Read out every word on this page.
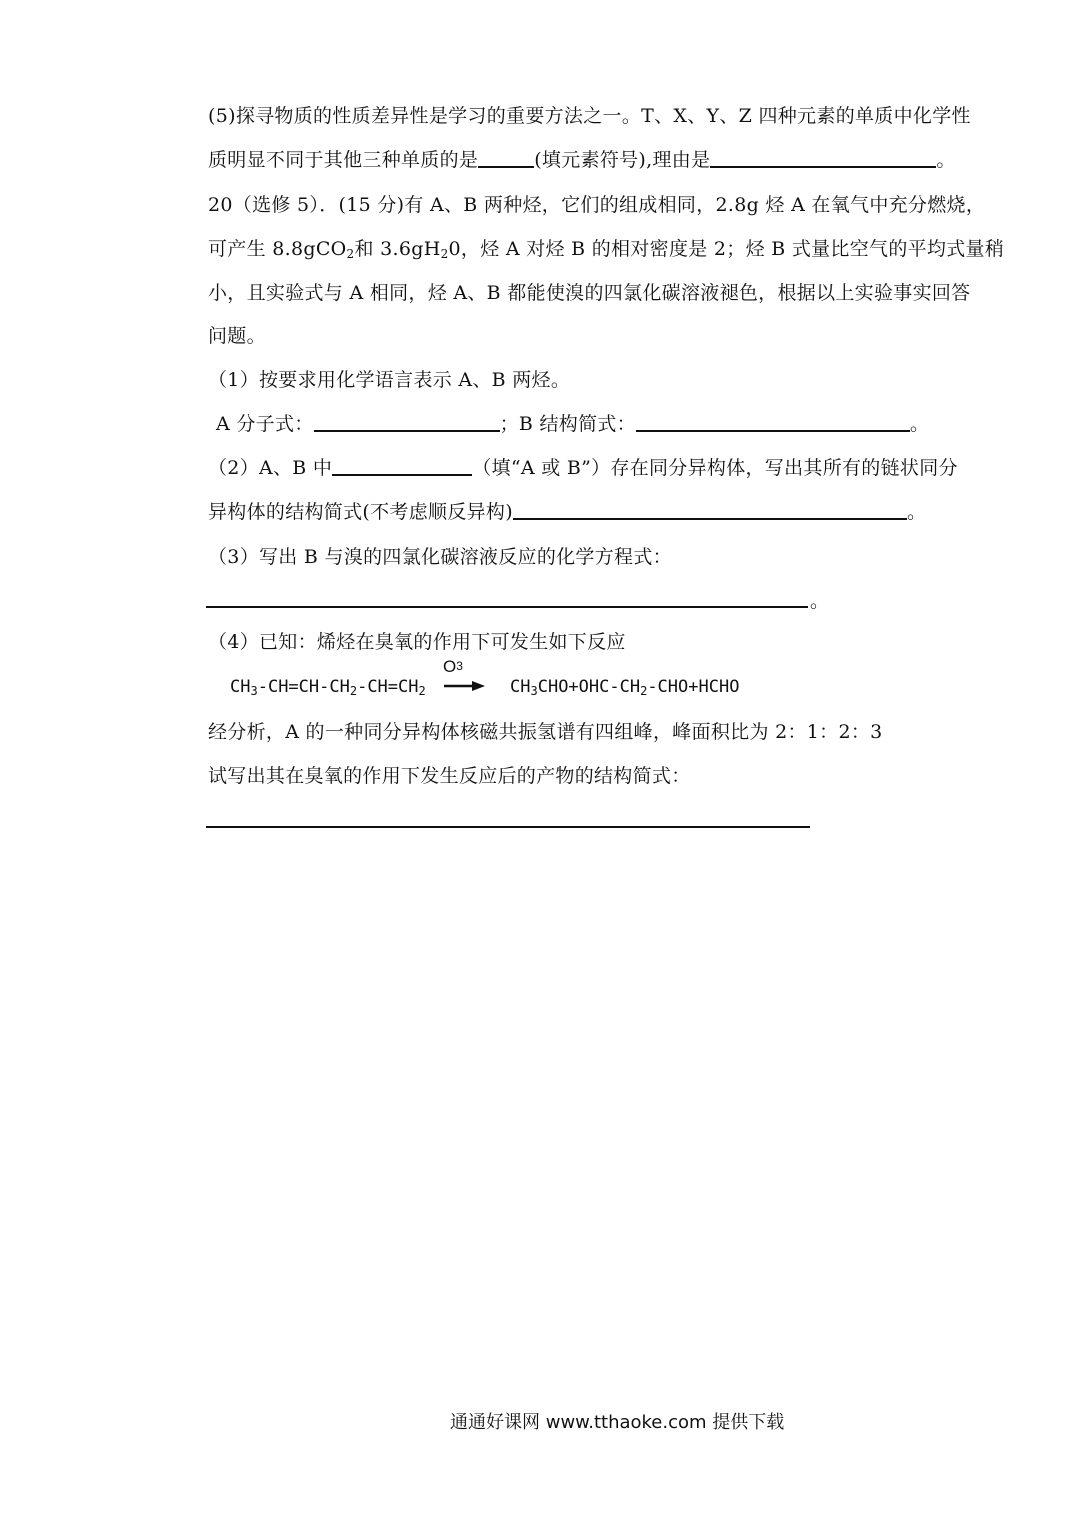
(5)探寻物质的性质差异性是学习的重要方法之一。T、X、Y、Z 四种元素的单质中化学性
质明显不同于其他三种单质的是	(填元素符号),理由是	。
20（选修 5）．(15 分)有 A、B 两种烃，它们的组成相同，2.8g 烃 A 在氧气中充分燃烧，
可产生 8.8gCO$_2$和 $3.6gH_20$，烃 A 对烃 B 的相对密度是 2；烃 B 式量比空气的平均式量稍
小，且实验式与 A 相同，烃 A、B 都能使溴的四氯化碳溶液褪色，根据以上实验事实回答
问题。
（1）按要求用化学语言表示 A、B 两烃。
A 分子式：	；B 结构简式：	。
（2）A、B 中	（填“A 或 B”）存在同分异构体，写出其所有的链状同分
异构体的结构简式(不考虑顺反异构)	。
（3）写出 B 与溴的四氯化碳溶液反应的化学方程式：
。
（4）已知：烯烃在臭氧的作用下可发生如下反应
O3
$CH_3-CH=CH-CH_2-CH=CH_2$ → $CH_3CHO+OHC-CH_2-CHO+HCHO$
经分析，A 的一种同分异构体核磁共振氢谱有四组峰，峰面积比为 2：1：2：3
试写出其在臭氧的作用下发生反应后的产物的结构简式：
通通好课网 www.tthaoke.com 提供下载
